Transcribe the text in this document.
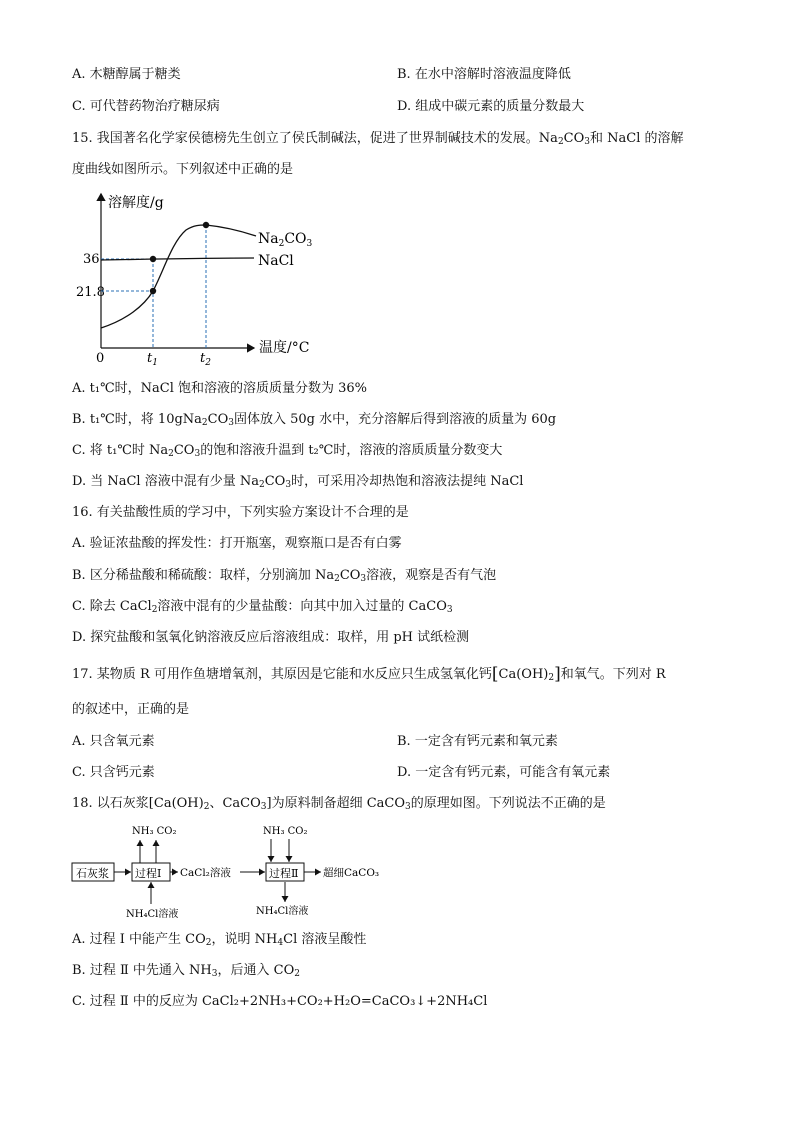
A. 木糖醇属于糖类	B. 在水中溶解时溶液温度降低
C. 可代替药物治疗糖尿病	D. 组成中碳元素的质量分数最大
15. 我国著名化学家侯德榜先生创立了侯氏制碱法，促进了世界制碱技术的发展。$Na_2CO_3$和 NaCl 的溶解
度曲线如图所示。下列叙述中正确的是
溶解度/g
温度/°C
0
36
21.8
$t_1$	$t_2$
$Na_2CO_3$
NaCl
A. t₁℃时，NaCl 饱和溶液的溶质质量分数为 36%
B. t₁℃时，将 $10gNa_2CO_3$固体放入 50g 水中，充分溶解后得到溶液的质量为 60g
C. 将 t₁℃时 $Na_2CO_3$的饱和溶液升温到 t₂℃时，溶液的溶质质量分数变大
D. 当 NaCl 溶液中混有少量 $Na_2CO_3$时，可采用冷却热饱和溶液法提纯 NaCl
16. 有关盐酸性质的学习中，下列实验方案设计不合理的是
A. 验证浓盐酸的挥发性：打开瓶塞，观察瓶口是否有白雾
B. 区分稀盐酸和稀硫酸：取样，分别滴加 $Na_2CO_3$溶液，观察是否有气泡
C. 除去 CaCl$_2$溶液中混有的少量盐酸：向其中加入过量的 CaCO$_3$
D. 探究盐酸和氢氧化钠溶液反应后溶液组成：取样，用 pH 试纸检测
17. 某物质 R 可用作鱼塘增氧剂，其原因是它能和水反应只生成氢氧化钙$[Ca(OH)_2]$和氧气。下列对 R
的叙述中，正确的是
A. 只含氧元素	B. 一定含有钙元素和氧元素
C. 只含钙元素	D. 一定含有钙元素，可能含有氧元素
18. 以石灰浆[$Ca(OH)_2$、CaCO$_3$]为原料制备超细 CaCO$_3$的原理如图。下列说法不正确的是
石灰浆 过程Ⅰ	过程Ⅱ
CaCl₂溶液	超细CaCO₃
NH₃ CO₂
NH₄Cl溶液
NH₃ CO₂
NH₄Cl溶液
A. 过程 Ⅰ 中能产生 $CO_2$，说明 $NH_4Cl$ 溶液呈酸性
B. 过程 Ⅱ 中先通入 $NH_3$，后通入 $CO_2$
C. 过程 Ⅱ 中的反应为 CaCl₂+2NH₃+CO₂+H₂O=CaCO₃↓+2NH₄Cl
